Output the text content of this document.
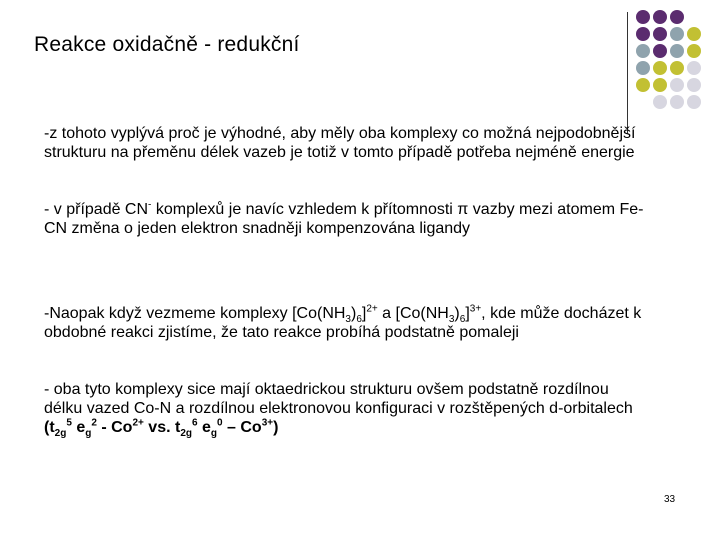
Reakce oxidačně - redukční
-z tohoto vyplývá proč je výhodné, aby měly oba komplexy co možná nejpodobnější strukturu na přeměnu délek vazeb je totiž v tomto případě potřeba nejméně energie
- v případě CN- komplexů je navíc vzhledem k přítomnosti π vazby mezi atomem Fe-CN změna o jeden elektron snadněji kompenzována ligandy
-Naopak když vezmeme komplexy $[Co(NH_3)_6]^{2+}$ a $[Co(NH_3)_6]^{3+}$, kde může docházet k obdobné reakci zjistíme, že tato reakce probíhá podstatně pomaleji
- oba tyto komplexy sice mají oktaedrickou strukturu ovšem podstatně rozdílnou délku vazed Co-N a rozdílnou elektronovou konfiguraci v rozštěpených d-orbitalech ($t_{2g}^5$ $e_g^2 - Co^{2+}$ vs. $t_{2g}^6$ $e_g^0 - Co^{3+}$)
33
